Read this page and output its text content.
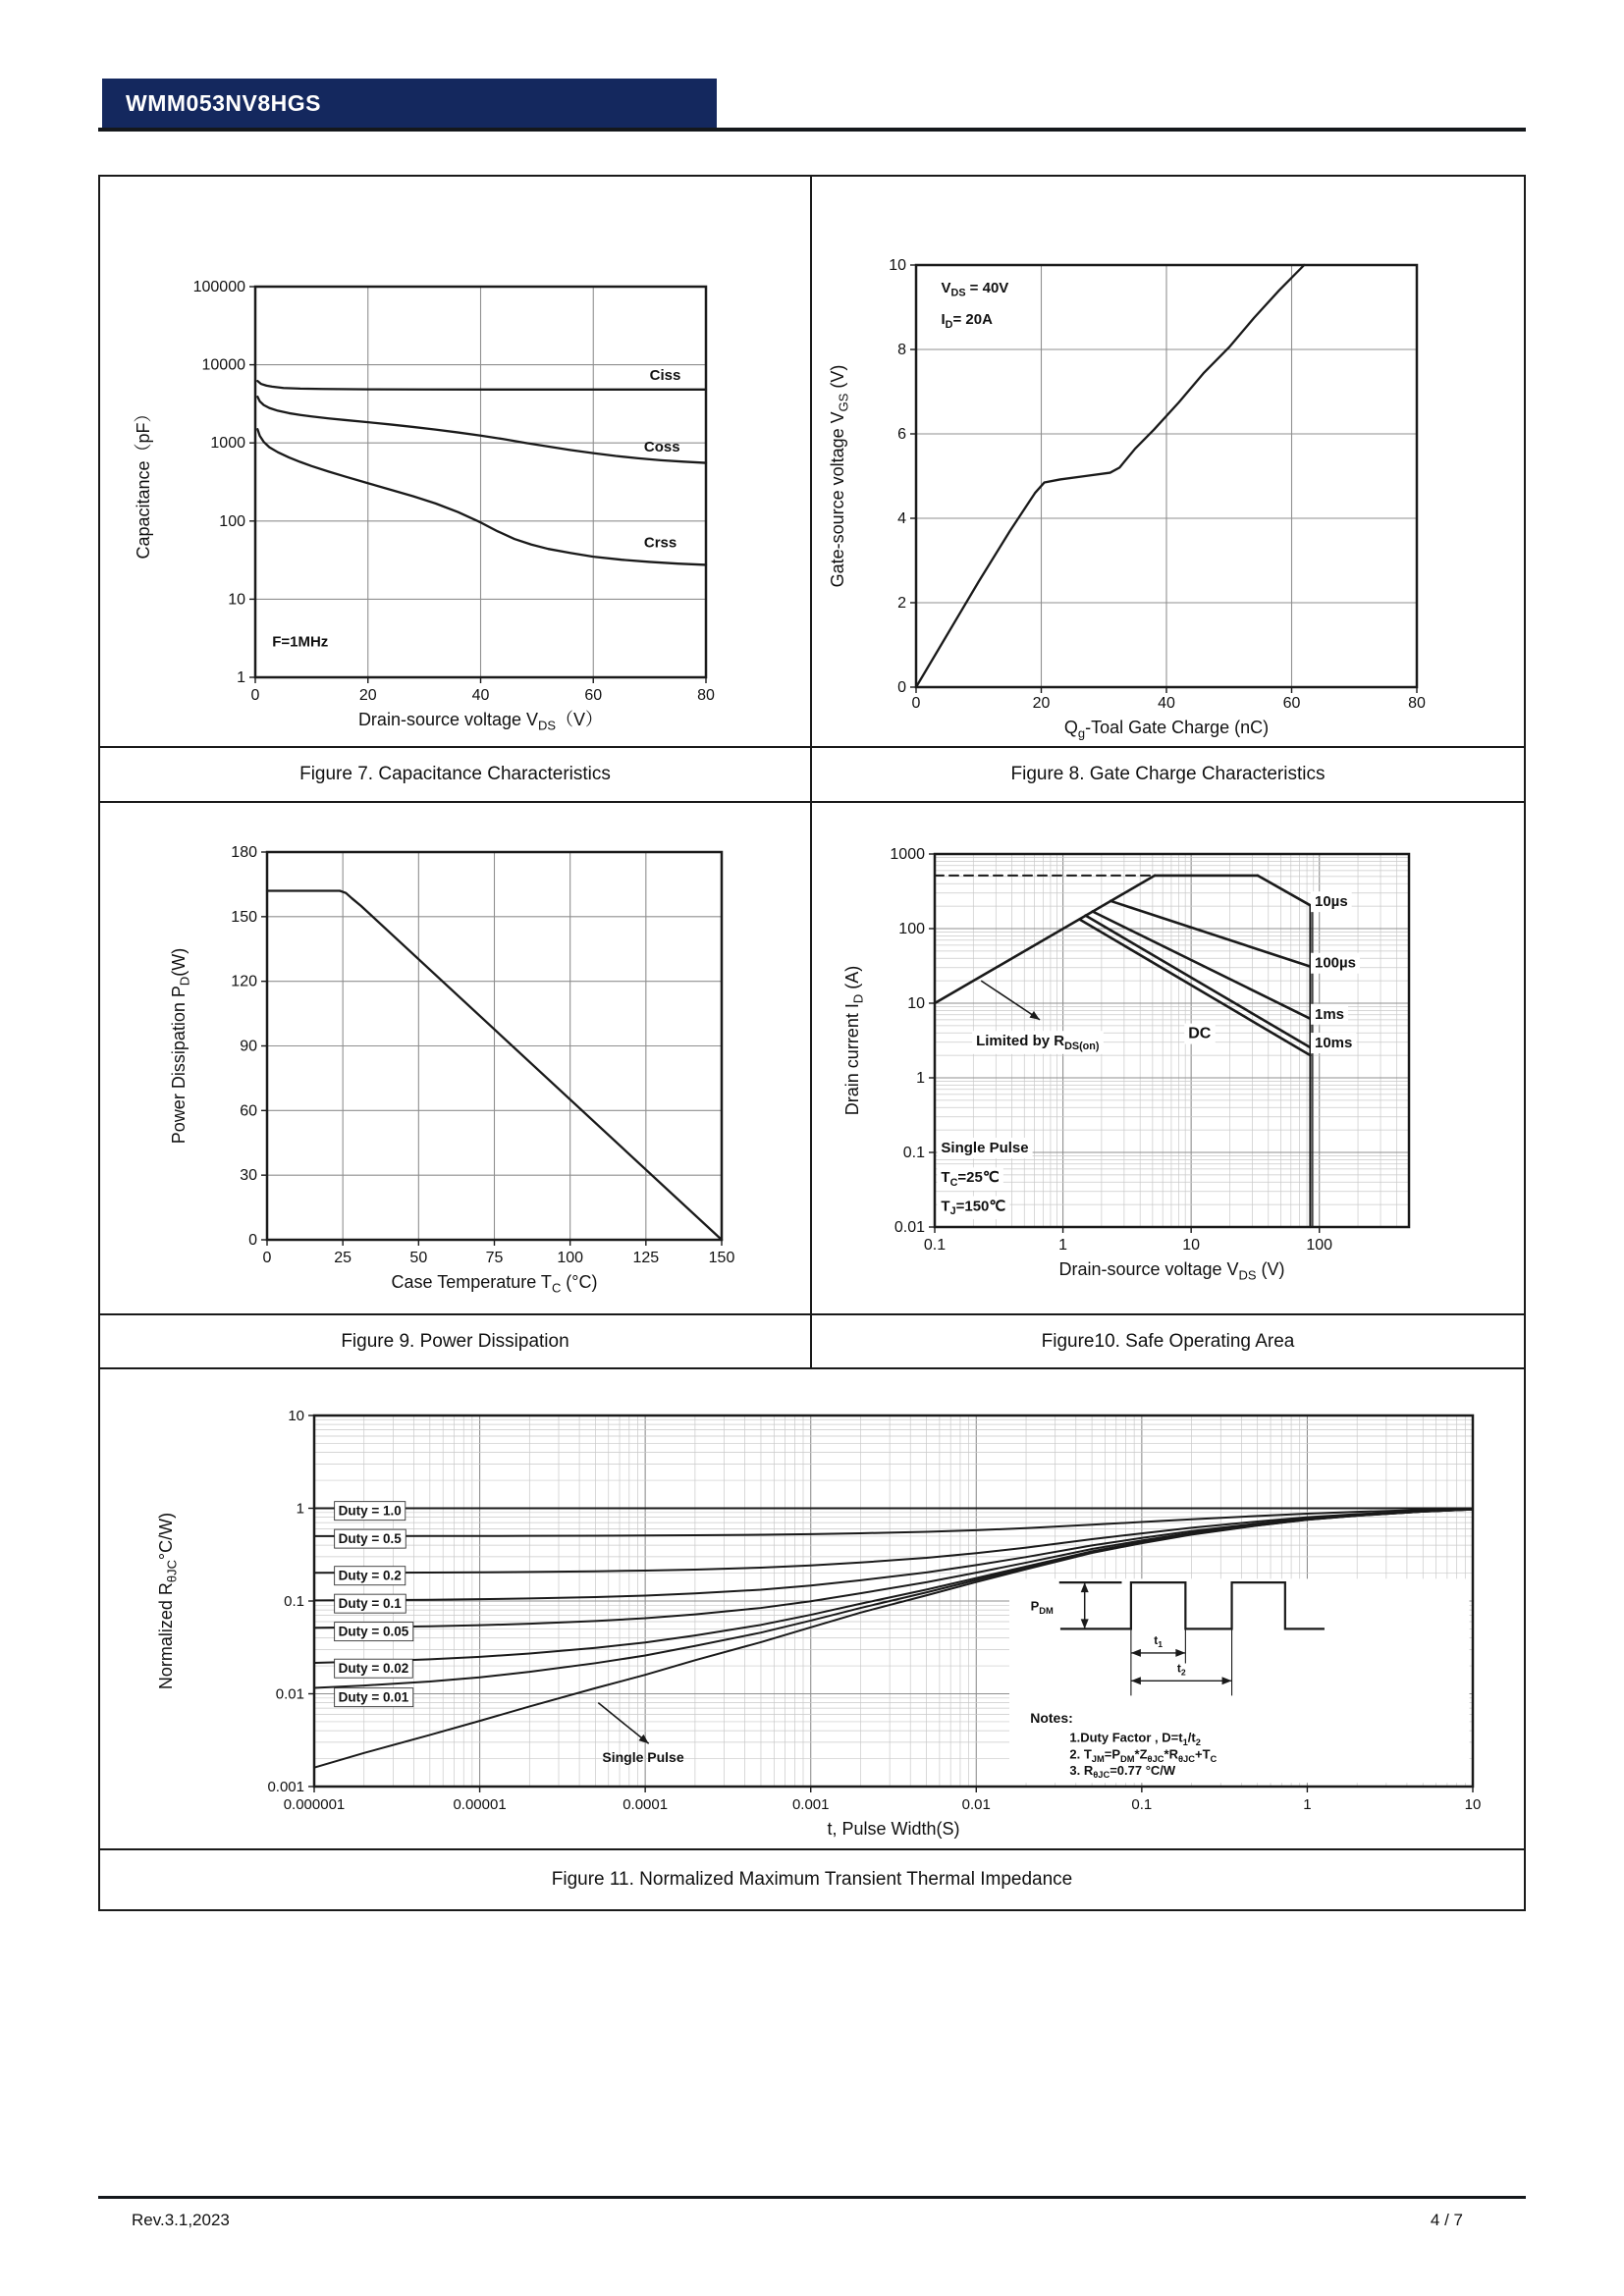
WMM053NV8HGS
0	20	40	60	80
1
10
100
1000
10000
100000
Drain-source voltage $V_{DS}(V)$
Capacitance（pF）
Ciss
Coss
Crss
F=1MHz
0	20	40	60	80
0
2
4
6
8
10
$Q_g$-Toal Gate Charge (nC)
Gate-source voltage $V_{GS}$ (V)
$V_{DS} = 40V$
$I_D= 20A$
Figure 7. Capacitance Characteristics	Figure 8. Gate Charge Characteristics
0	25	50	75	100	125	150
0
30
60
90
120
150
180
Case Temperature $T_C$ (°C)
Power Dissipation $P_D(W)$
0.1	1	10	100
0.01
0.1
1
10
100
1000
Drain-source voltage $V_{DS}$ (V)
Drain current $I_D$ (A)
Limited by $R_{DS(on)}$
DC
Single Pulse
$T_C=25℃$
$T_J=150℃$
10µs
100µs
1ms
10ms
Figure 9. Power Dissipation	Figure10. Safe Operating Area
0.000001	0.00001	0.0001	0.001	0.01	0.1	1	10
0.001
0.01
0.1
1
10
t, Pulse Width(S)
Normalized $R_{\theta JC}^\circ C/W$)
Duty = 1.0
Duty = 0.5
Duty = 0.2
Duty = 0.1
Duty = 0.05
Duty = 0.02
Duty = 0.01
Single Pulse
$P_{DM}$
$t_1$
$t_2$
Notes:
1.Duty Factor , $D=t_1/t_2$
2. $T_{JM}=P_{DM}*Z_{\theta JC}*R_{\theta JC}+T_C$
3. $R_{\theta JC}=0.77$ °C/W
Figure 11. Normalized Maximum Transient Thermal Impedance
Rev.3.1,2023	4 / 7
